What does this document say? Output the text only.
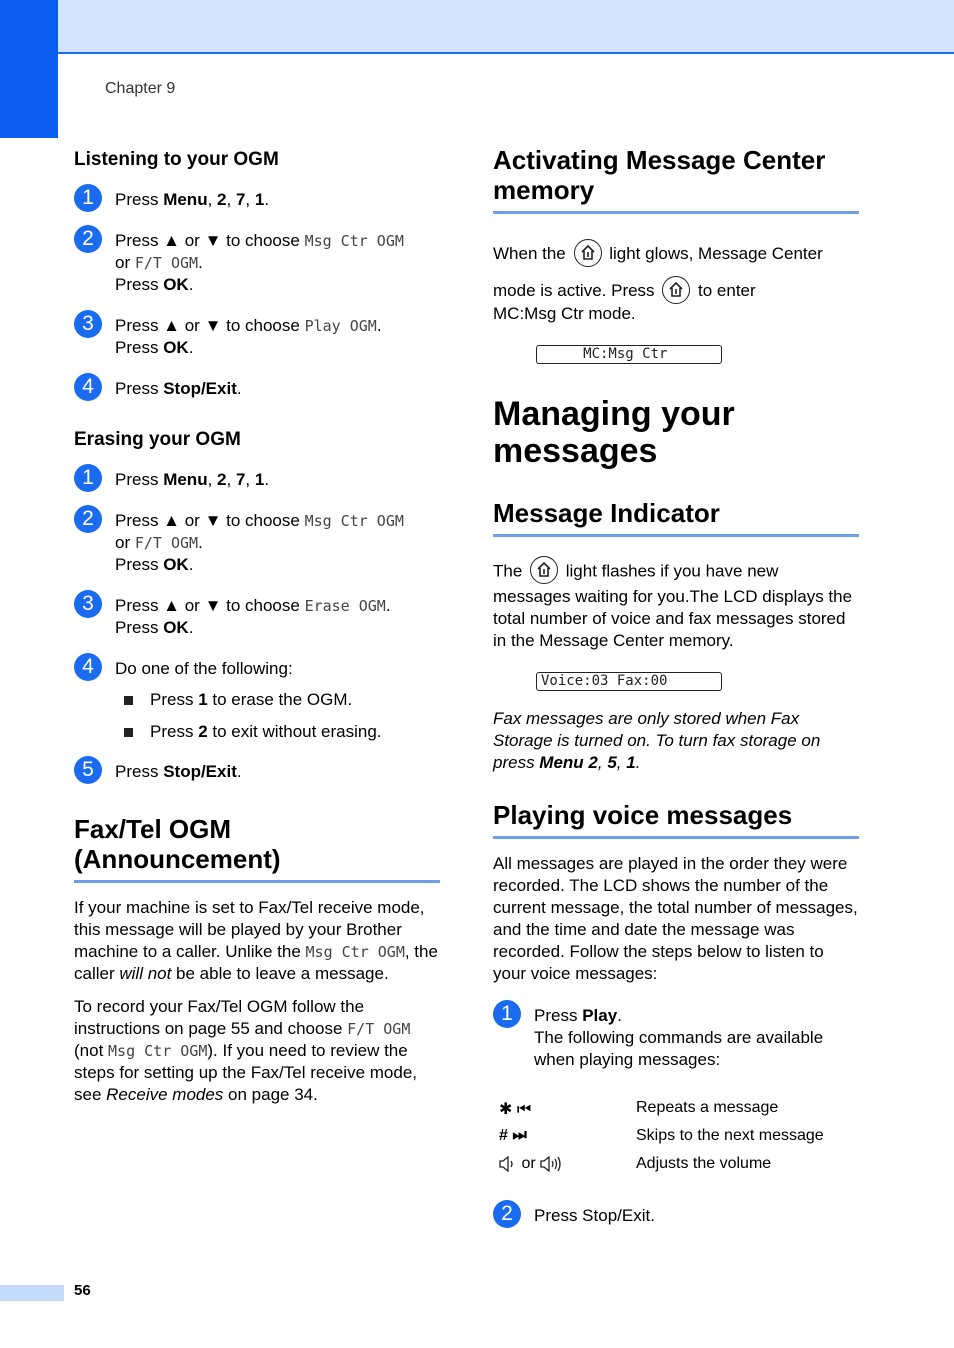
Chapter 9
Listening to your OGM
1	Press Menu, 2, 7, 1.
2	Press ▲ or ▼ to choose Msg Ctr OGM
or F/T OGM.
Press OK.
3	Press ▲ or ▼ to choose Play OGM.
Press OK.
4	Press Stop/Exit.
Erasing your OGM
1	Press Menu, 2, 7, 1.
2	Press ▲ or ▼ to choose Msg Ctr OGM
or F/T OGM.
Press OK.
3	Press ▲ or ▼ to choose Erase OGM.
Press OK.
4	Do one of the following:
Press 1 to erase the OGM.
Press 2 to exit without erasing.
5	Press Stop/Exit.
Fax/Tel OGM
(Announcement)

If your machine is set to Fax/Tel receive mode, this message will be played by your Brother machine to a caller. Unlike the Msg Ctr OGM, the caller will not be able to leave a message.

To record your Fax/Tel OGM follow the instructions on page 55 and choose F/T OGM (not Msg Ctr OGM). If you need to review the steps for setting up the Fax/Tel receive mode, see Receive modes on page 34.

Activating Message Center
memory

When the
light glows, Message Center
mode is active. Press
to enter

MC:Msg Ctr mode.

MC:Msg Ctr
Managing your
messages
Message Indicator

The
light flashes if you have new
messages waiting for you.The LCD displays the total number of voice and fax messages stored in the Message Center memory.

Voice:03 Fax:00

Fax messages are only stored when Fax Storage is turned on. To turn fax storage on press Menu 2, 5, 1.

Playing voice messages

All messages are played in the order they were recorded. The LCD shows the number of the current message, the total number of messages, and the time and date the message was recorded. Follow the steps below to listen to your voice messages:

1	Press Play.
The following commands are available when playing messages:
✱ ⏮	Repeats a message
# ⏭	Skips to the next message
or	Adjusts the volume
2	Press Stop/Exit.
56
